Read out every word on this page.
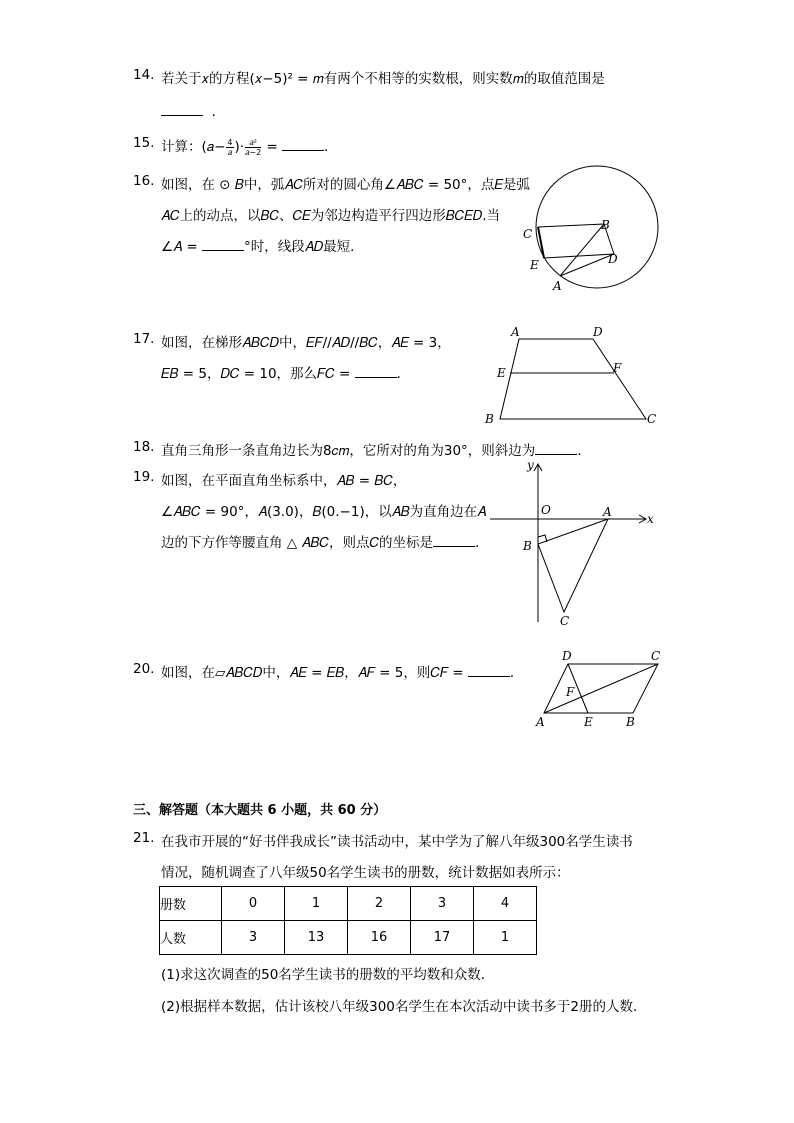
14. 若关于𝑥的方程(𝑥−5)² = 𝑚有两个不相等的实数根，则实数𝑚的取值范围是
．
15. 计算：(𝑎− $\frac{4}{\text{𝑎}}$ )· $\frac{\text{𝑎²}}{\text{𝑎−2}}$ =	．
16. 如图，在 ⊙ 𝐵中，弧𝐴𝐶所对的圆心角∠𝐴𝐵𝐶 = 50°，点𝐸是弧
𝐴𝐶上的动点，以𝐵𝐶、𝐶𝐸为邻边构造平行四边形𝐵𝐶𝐸𝐷.当
∠𝐴 =	°时，线段𝐴𝐷最短．
B
C
D
E
A
17. 如图，在梯形𝐴𝐵𝐶𝐷中，𝐸𝐹//𝐴𝐷//𝐵𝐶，𝐴𝐸 = 3，
𝐸𝐵 = 5，𝐷𝐶 = 10，那么𝐹𝐶 =	．
A	D
E	F
B	C
18. 直角三角形一条直角边长为8𝑐𝑚，它所对的角为30°，则斜边为	．
19. 如图，在平面直角坐标系中，𝐴𝐵 = 𝐵𝐶，
∠𝐴𝐵𝐶 = 90°，𝐴(3.0)，𝐵(0.−1)，以𝐴𝐵为直角边在𝐴
边的下方作等腰直角 △ 𝐴𝐵𝐶，则点𝐶的坐标是	．
y
x
O	A
B
C
20. 如图，在▱𝐴𝐵𝐶𝐷中，𝐴𝐸 = 𝐸𝐵，𝐴𝐹 = 5，则𝐶𝐹 =	．
D	C
F
A	E	B
三、解答题（本大题共 6 小题，共 60 分）
21. 在我市开展的“好书伴我成长”读书活动中，某中学为了解八年级300名学生读书
情况，随机调查了八年级50名学生读书的册数，统计数据如表所示：
册数	0	1	2	3	4
人数	3	13	16	17	1
(1)求这次调查的50名学生读书的册数的平均数和众数．
(2)根据样本数据，估计该校八年级300名学生在本次活动中读书多于2册的人数．
